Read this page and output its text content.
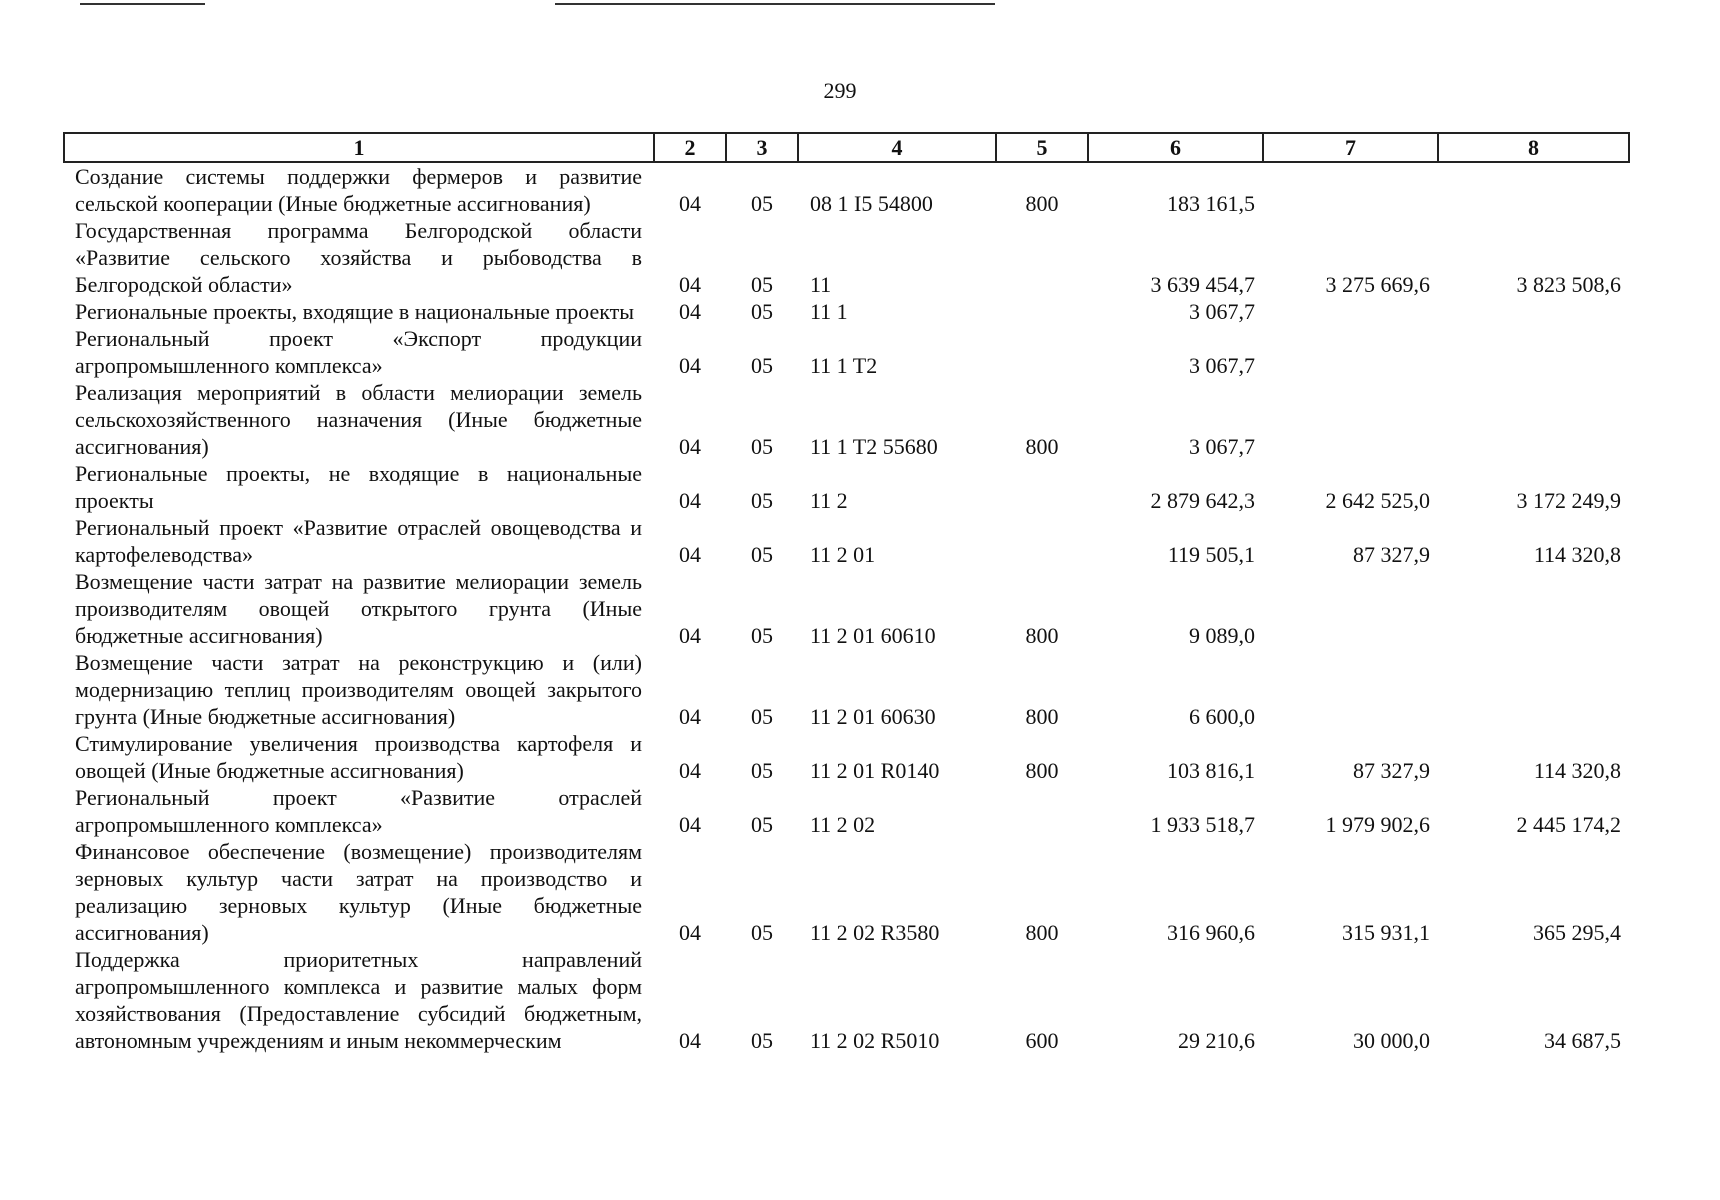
299
1	2	3	4	5	6	7	8
Создание системы поддержки фермеров и развитие сельской кооперации (Иные бюджетные ассигнования)	04	05	08 1 I5 54800	800	183 161,5		
Государственная программа Белгородской области «Развитие сельского хозяйства и рыбоводства в Белгородской области»	04	05	11		3 639 454,7	3 275 669,6	3 823 508,6
Региональные проекты, входящие в национальные проекты	04	05	11 1		3 067,7		
Региональный проект «Экспорт продукции агропромышленного комплекса»	04	05	11 1 T2		3 067,7		
Реализация мероприятий в области мелиорации земель сельскохозяйственного назначения (Иные бюджетные ассигнования)	04	05	11 1 T2 55680	800	3 067,7		
Региональные проекты, не входящие в национальные проекты	04	05	11 2		2 879 642,3	2 642 525,0	3 172 249,9
Региональный проект «Развитие отраслей овощеводства и картофелеводства»	04	05	11 2 01		119 505,1	87 327,9	114 320,8
Возмещение части затрат на развитие мелиорации земель производителям овощей открытого грунта (Иные бюджетные ассигнования)	04	05	11 2 01 60610	800	9 089,0		
Возмещение части затрат на реконструкцию и (или) модернизацию теплиц производителям овощей закрытого грунта (Иные бюджетные ассигнования)	04	05	11 2 01 60630	800	6 600,0		
Стимулирование увеличения производства картофеля и овощей (Иные бюджетные ассигнования)	04	05	11 2 01 R0140	800	103 816,1	87 327,9	114 320,8
Региональный проект «Развитие отраслей агропромышленного комплекса»	04	05	11 2 02		1 933 518,7	1 979 902,6	2 445 174,2
Финансовое обеспечение (возмещение) производителям зерновых культур части затрат на производство и реализацию зерновых культур (Иные бюджетные ассигнования)	04	05	11 2 02 R3580	800	316 960,6	315 931,1	365 295,4
Поддержка приоритетных направлений агропромышленного комплекса и развитие малых форм хозяйствования (Предоставление субсидий бюджетным, автономным учреждениям и иным некоммерческим	04	05	11 2 02 R5010	600	29 210,6	30 000,0	34 687,5
